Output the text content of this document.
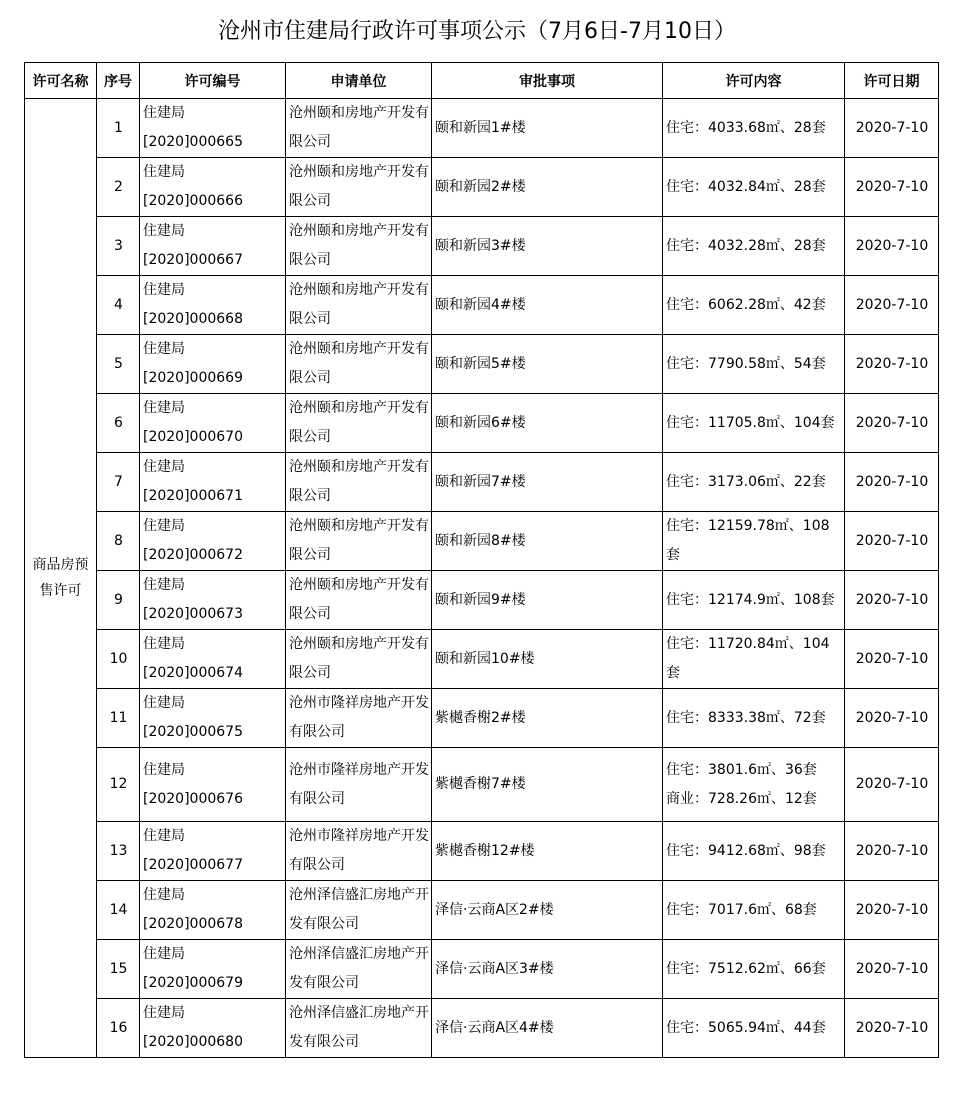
沧州市住建局行政许可事项公示（7月6日-7月10日）
许可名称	序号	许可编号	申请单位	审批事项	许可内容	许可日期
商品房预售许可	1	住建局[2020]000665	沧州颐和房地产开发有限公司	颐和新园1#楼	住宅：4033.68㎡、28套	2020-7-10
	2	住建局[2020]000666	沧州颐和房地产开发有限公司	颐和新园2#楼	住宅：4032.84㎡、28套	2020-7-10
	3	住建局[2020]000667	沧州颐和房地产开发有限公司	颐和新园3#楼	住宅：4032.28㎡、28套	2020-7-10
	4	住建局[2020]000668	沧州颐和房地产开发有限公司	颐和新园4#楼	住宅：6062.28㎡、42套	2020-7-10
	5	住建局[2020]000669	沧州颐和房地产开发有限公司	颐和新园5#楼	住宅：7790.58㎡、54套	2020-7-10
	6	住建局[2020]000670	沧州颐和房地产开发有限公司	颐和新园6#楼	住宅：11705.8㎡、104套	2020-7-10
	7	住建局[2020]000671	沧州颐和房地产开发有限公司	颐和新园7#楼	住宅：3173.06㎡、22套	2020-7-10
	8	住建局[2020]000672	沧州颐和房地产开发有限公司	颐和新园8#楼	住宅：12159.78㎡、108套	2020-7-10
	9	住建局[2020]000673	沧州颐和房地产开发有限公司	颐和新园9#楼	住宅：12174.9㎡、108套	2020-7-10
	10	住建局[2020]000674	沧州颐和房地产开发有限公司	颐和新园10#楼	住宅：11720.84㎡、104套	2020-7-10
	11	住建局[2020]000675	沧州市隆祥房地产开发有限公司	紫樾香榭2#楼	住宅：8333.38㎡、72套	2020-7-10
	12	住建局[2020]000676	沧州市隆祥房地产开发有限公司	紫樾香榭7#楼	住宅：3801.6㎡、36套　　商业：728.26㎡、12套	2020-7-10
	13	住建局[2020]000677	沧州市隆祥房地产开发有限公司	紫樾香榭12#楼	住宅：9412.68㎡、98套	2020-7-10
	14	住建局[2020]000678	沧州泽信盛汇房地产开发有限公司	泽信·云商A区2#楼	住宅：7017.6㎡、68套	2020-7-10
	15	住建局[2020]000679	沧州泽信盛汇房地产开发有限公司	泽信·云商A区3#楼	住宅：7512.62㎡、66套	2020-7-10
	16	住建局[2020]000680	沧州泽信盛汇房地产开发有限公司	泽信·云商A区4#楼	住宅：5065.94㎡、44套	2020-7-10
